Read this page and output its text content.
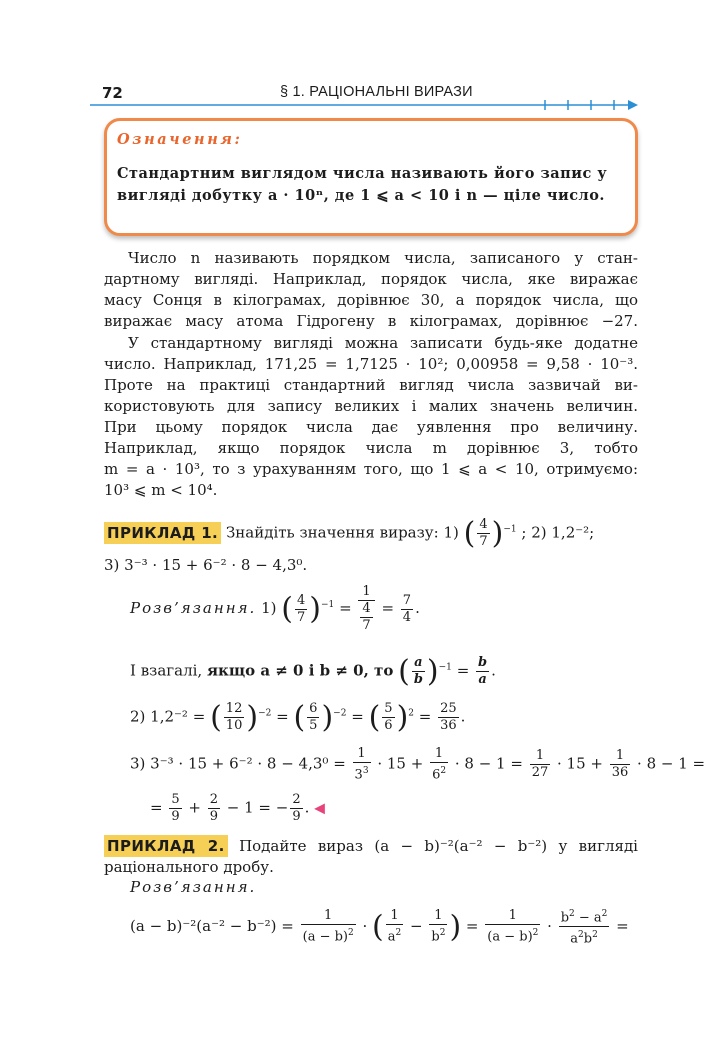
72	§ 1. РАЦІОНАЛЬНІ ВИРАЗИ
Означення:
Стандартним виглядом числа називають його запис у вигляді добутку a · 10ⁿ, де 1 ⩽ a < 10 і n — ціле число.
Число n називають порядком числа, записаного у стан-
дартному вигляді. Наприклад, порядок числа, яке виражає
масу Сонця в кілограмах, дорівнює 30, а порядок числа, що
виражає масу атома Гідрогену в кілограмах, дорівнює −27.
У стандартному вигляді можна записати будь-яке додатне
число. Наприклад, 171,25 = 1,7125 · 10²; 0,00958 = 9,58 · 10⁻³.
Проте на практиці стандартний вигляд числа зазвичай ви-
користовують для запису великих і малих значень величин.
При цьому порядок числа дає уявлення про величину.
Наприклад, якщо порядок числа m дорівнює 3, тобто
m = a · 10³, то з урахуванням того, що 1 ⩽ a < 10, отримуємо:
10³ ⩽ m < 10⁴.
ПРИКЛАД 1. Знайдіть значення виразу: 1) ( $\frac{4}{7} )^{-1}$ ; 2) 1,2⁻²;
3) 3⁻³ · 15 + 6⁻² · 8 − 4,3⁰.
Розв’язання. 1) ( $\frac{4}{7} )^{-1} = \frac{1}{\frac{4}{7}} = \frac{7}{4}$ .
І взагалі, якщо a ≠ 0 і b ≠ 0, то ( $\frac{a}{b} )^{-1} = \frac{b}{a}$ .
2) 1,2⁻² = ( $\frac{12}{10} )^{-2}$ = ( $\frac{6}{5} )^{-2}$ = ( $\frac{5}{6} )^2 = \frac{25}{36}$ .
3) $3^{-3} \cdot 15 + 6^{-2} \cdot 8 - 4,3^0 = \frac{1}{3^3} \cdot 15 + \frac{1}{6^2} \cdot 8 - 1 = \frac{1}{27} \cdot 15 + \frac{1}{36} \cdot 8 - 1$ =
= $\frac{5}{9} + \frac{2}{9} - 1$ = − $\frac{2}{9}$ . ◀
ПРИКЛАД 2. Подайте вираз (a − b)⁻²(a⁻² − b⁻²) у вигляді
раціонального дробу.
Розв’язання.
$(a - b)^{-2}(a^{-2} - b^{-2}) = \frac{1}{(a - b)^2}$ · ( $\frac{1}{a^2} - \frac{1}{b^2}$ ) = $\frac{1}{(a - b)^2} \cdot \frac{b^2 - a^2}{a^2b^2}$ =
